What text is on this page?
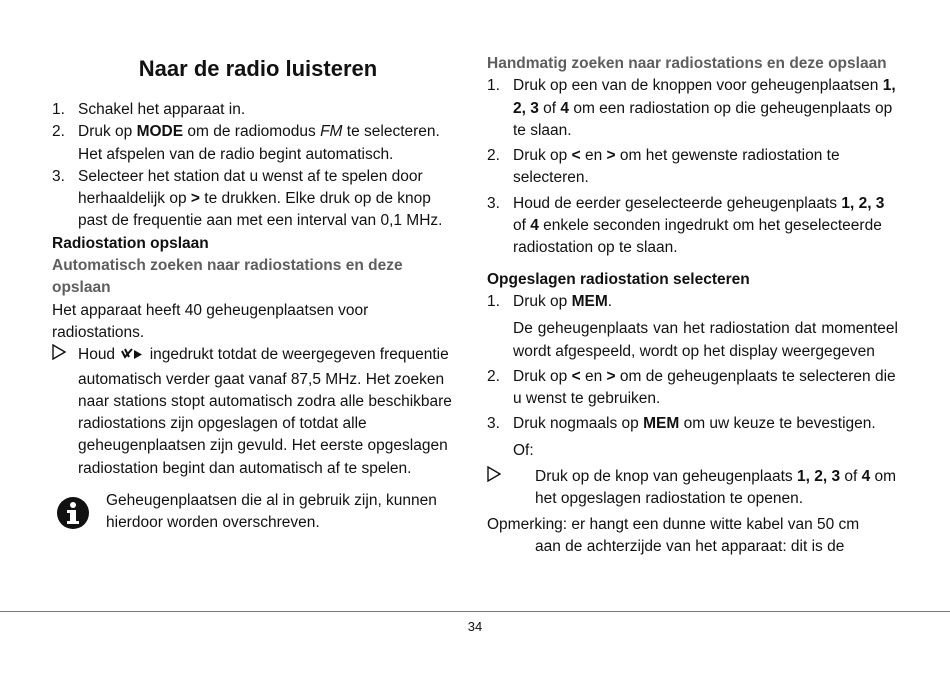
Naar de radio luisteren
1. Schakel het apparaat in.
2. Druk op MODE om de radiomodus FM te selecteren. Het afspelen van de radio begint automatisch.
3. Selecteer het station dat u wenst af te spelen door herhaaldelijk op > te drukken. Elke druk op de knop past de frequentie aan met een interval van 0,1 MHz.
Radiostation opslaan
Automatisch zoeken naar radiostations en deze opslaan
Het apparaat heeft 40 geheugenplaatsen voor radiostations.
Houd ingedrukt totdat de weergegeven frequentie automatisch verder gaat vanaf 87,5 MHz. Het zoeken naar stations stopt automatisch zodra alle beschikbare radiostations zijn opgeslagen of totdat alle geheugenplaatsen zijn gevuld. Het eerste opgeslagen radiostation begint dan automatisch af te spelen.
Geheugenplaatsen die al in gebruik zijn, kunnen hierdoor worden overschreven.
Handmatig zoeken naar radiostations en deze opslaan
1. Druk op een van de knoppen voor geheugenplaatsen 1, 2, 3 of 4 om een radiostation op die geheugenplaats op te slaan.
2. Druk op < en > om het gewenste radiostation te selecteren.
3. Houd de eerder geselecteerde geheugenplaats 1, 2, 3 of 4 enkele seconden ingedrukt om het geselecteerde radiostation op te slaan.
Opgeslagen radiostation selecteren
1. Druk op MEM.
De geheugenplaats van het radiostation dat momenteel wordt afgespeeld, wordt op het display weergegeven
2. Druk op < en > om de geheugenplaats te selecteren die u wenst te gebruiken.
3. Druk nogmaals op MEM om uw keuze te bevestigen.
Of:
Druk op de knop van geheugenplaats 1, 2, 3 of 4 om het opgeslagen radiostation te openen.
Opmerking: er hangt een dunne witte kabel van 50 cm
aan de achterzijde van het apparaat: dit is de
34
